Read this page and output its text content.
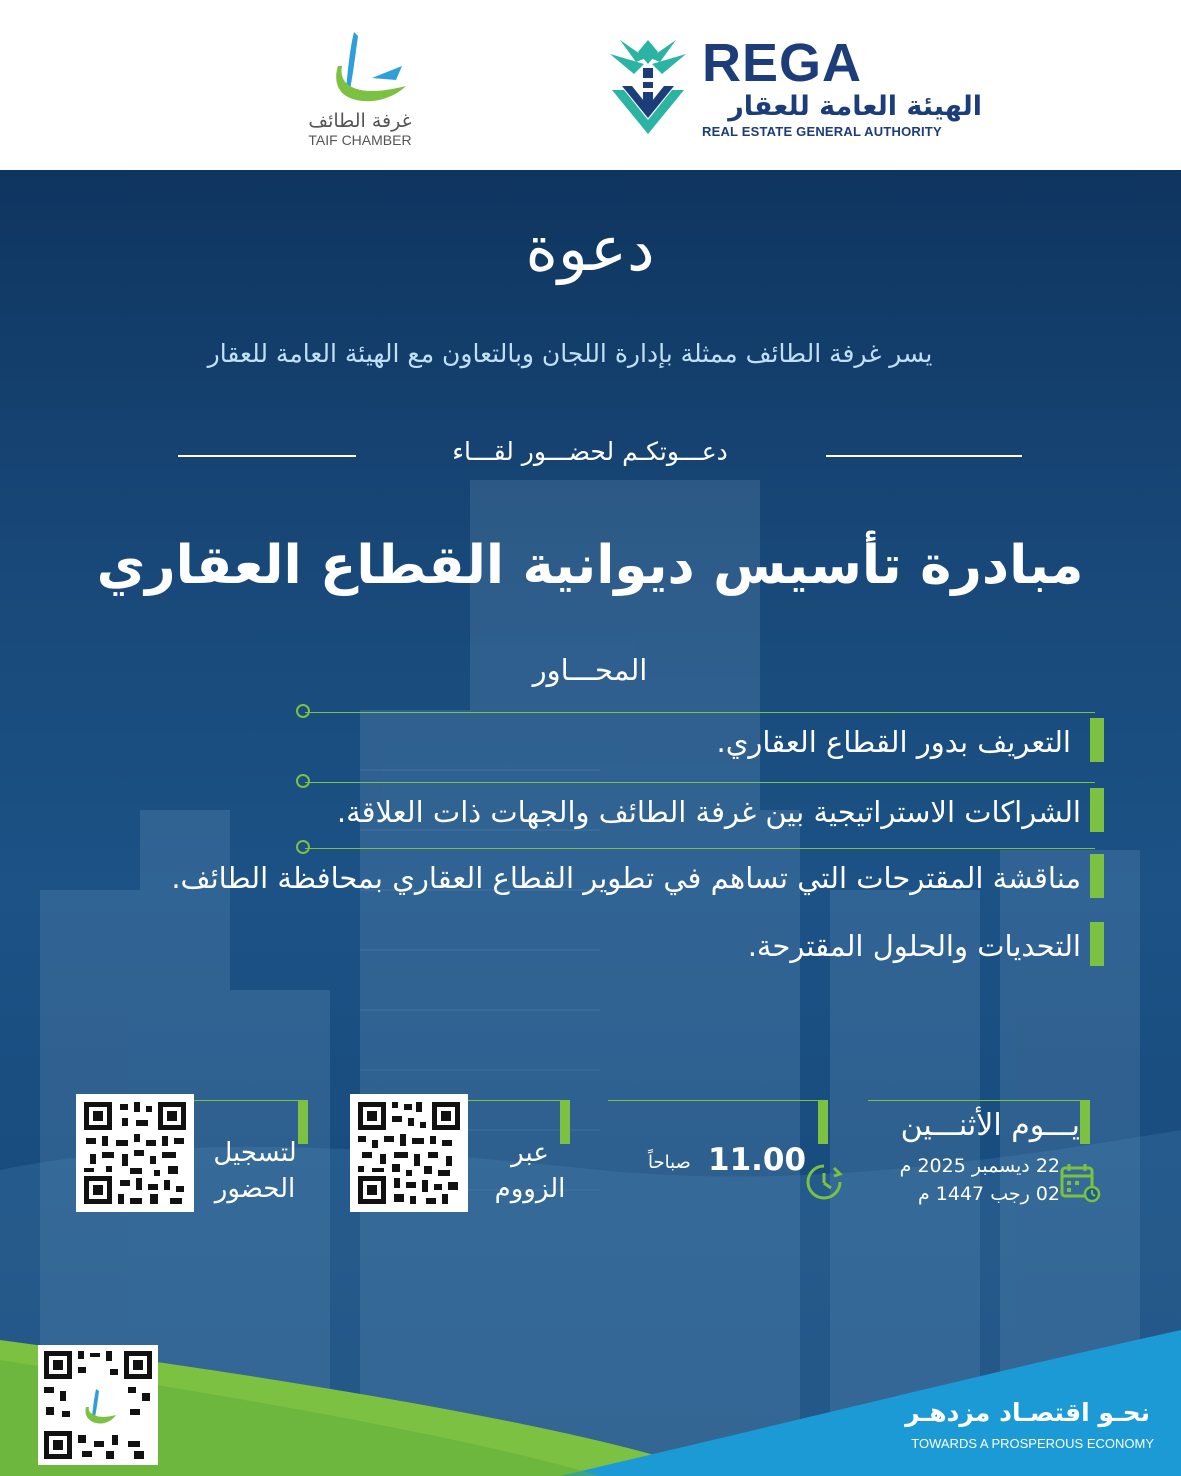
غرفة الطائف
TAIF CHAMBER
REGA
الهيئة العامة للعقار
REAL ESTATE GENERAL AUTHORITY
دعوة
يسر غرفة الطائف ممثلة بإدارة اللجان وبالتعاون مع الهيئة العامة للعقار
دعـــوتكـم لحضـــور لقـــاء
مبادرة تأسيس ديوانية القطاع العقاري
المحـــاور
التعريف بدور القطاع العقاري.
الشراكات الاستراتيجية بين غرفة الطائف والجهات ذات العلاقة.
مناقشة المقترحات التي تساهم في تطوير القطاع العقاري بمحافظة الطائف.
التحديات والحلول المقترحة.
يـــوم الأثنـــين
22 ديسمبر 2025 م
02 رجب 1447 م
11.00
صباحاً
عبر
الزووم
لتسجيل
الحضور
نحـو اقتصـاد مزدهـر
TOWARDS A PROSPEROUS ECONOMY
